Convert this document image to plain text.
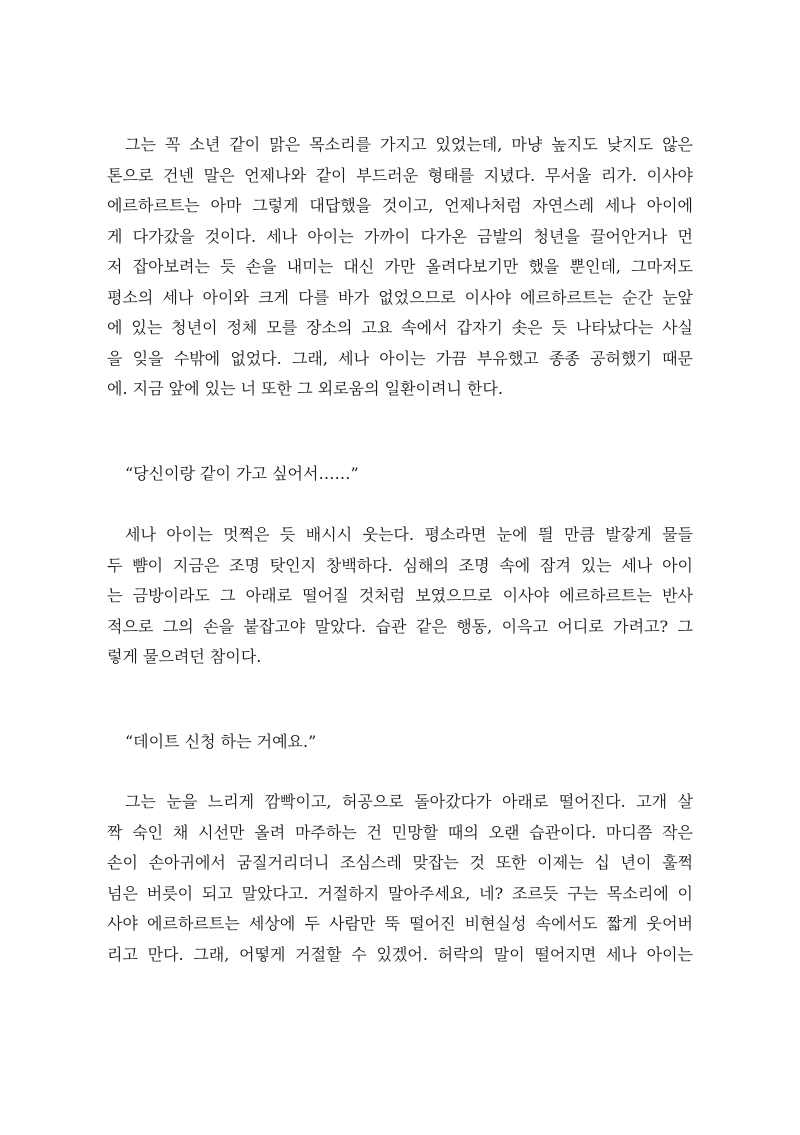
그는 꼭 소년 같이 맑은 목소리를 가지고 있었는데, 마냥 높지도 낮지도 않은
톤으로 건넨 말은 언제나와 같이 부드러운 형태를 지녔다. 무서울 리가. 이사야
에르하르트는 아마 그렇게 대답했을 것이고, 언제나처럼 자연스레 세나 아이에
게 다가갔을 것이다. 세나 아이는 가까이 다가온 금발의 청년을 끌어안거나 먼
저 잡아보려는 듯 손을 내미는 대신 가만 올려다보기만 했을 뿐인데, 그마저도
평소의 세나 아이와 크게 다를 바가 없었으므로 이사야 에르하르트는 순간 눈앞
에 있는 청년이 정체 모를 장소의 고요 속에서 갑자기 솟은 듯 나타났다는 사실
을 잊을 수밖에 없었다. 그래, 세나 아이는 가끔 부유했고 종종 공허했기 때문
에. 지금 앞에 있는 너 또한 그 외로움의 일환이려니 한다.
“당신이랑 같이 가고 싶어서……”
세나 아이는 멋쩍은 듯 배시시 웃는다. 평소라면 눈에 띌 만큼 발갛게 물들
두 뺨이 지금은 조명 탓인지 창백하다. 심해의 조명 속에 잠겨 있는 세나 아이
는 금방이라도 그 아래로 떨어질 것처럼 보였으므로 이사야 에르하르트는 반사
적으로 그의 손을 붙잡고야 말았다. 습관 같은 행동, 이윽고 어디로 가려고? 그
렇게 물으려던 참이다.
“데이트 신청 하는 거예요.”
그는 눈을 느리게 깜빡이고, 허공으로 돌아갔다가 아래로 떨어진다. 고개 살
짝 숙인 채 시선만 올려 마주하는 건 민망할 때의 오랜 습관이다. 마디쯤 작은
손이 손아귀에서 굼질거리더니 조심스레 맞잡는 것 또한 이제는 십 년이 훌쩍
넘은 버릇이 되고 말았다고. 거절하지 말아주세요, 네? 조르듯 구는 목소리에 이
사야 에르하르트는 세상에 두 사람만 뚝 떨어진 비현실성 속에서도 짧게 웃어버
리고 만다. 그래, 어떻게 거절할 수 있겠어. 허락의 말이 떨어지면 세나 아이는
